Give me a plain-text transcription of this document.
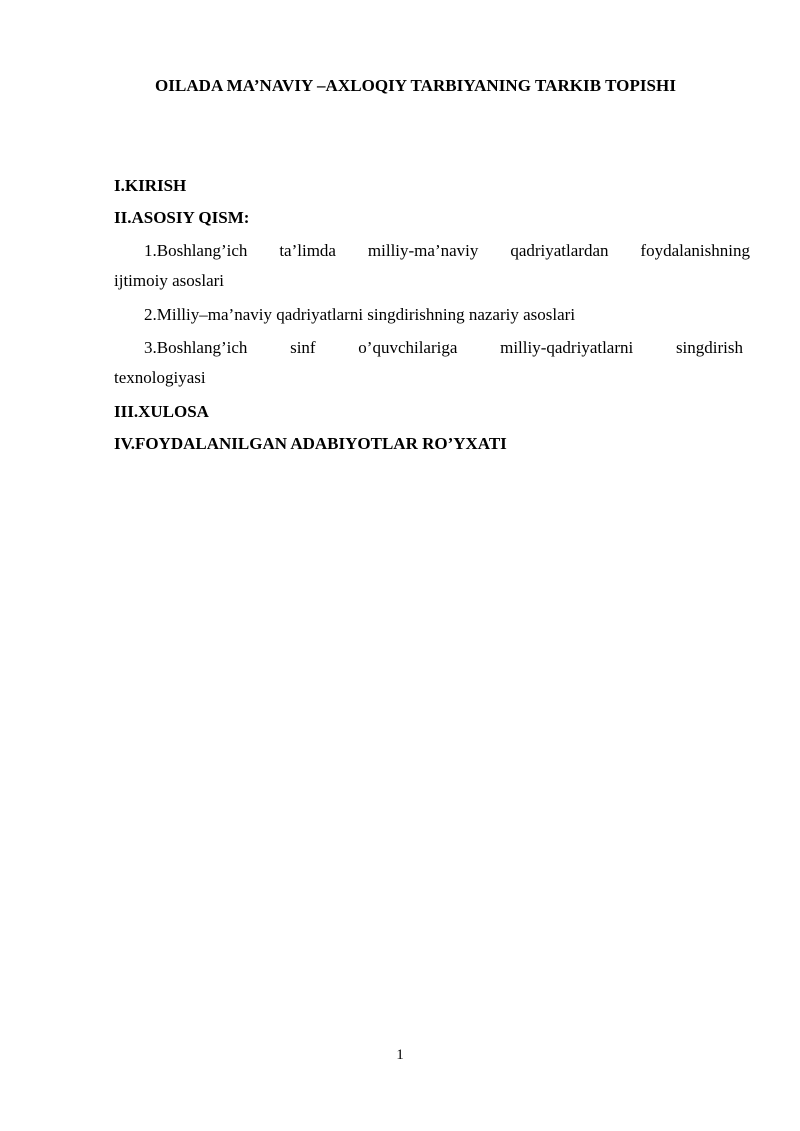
OILADA MA’NAVIY –AXLOQIY TARBIYANING TARKIB TOPISHI
I.KIRISH
II.ASOSIY QISM:
1.Boshlang’ich ta’limda milliy-ma’naviy qadriyatlardan foydalanishning
ijtimoiy asoslari
2. Milliy–ma’naviy qadriyatlarni singdirishning nazariy asoslari
3.Boshlang’ich	sinf	o’quvchilariga	milliy-qadriyatlarni	singdirish
texnologiyasi
III.XULOSA
IV.FOYDALANILGAN ADABIYOTLAR RO’YXATI
1
